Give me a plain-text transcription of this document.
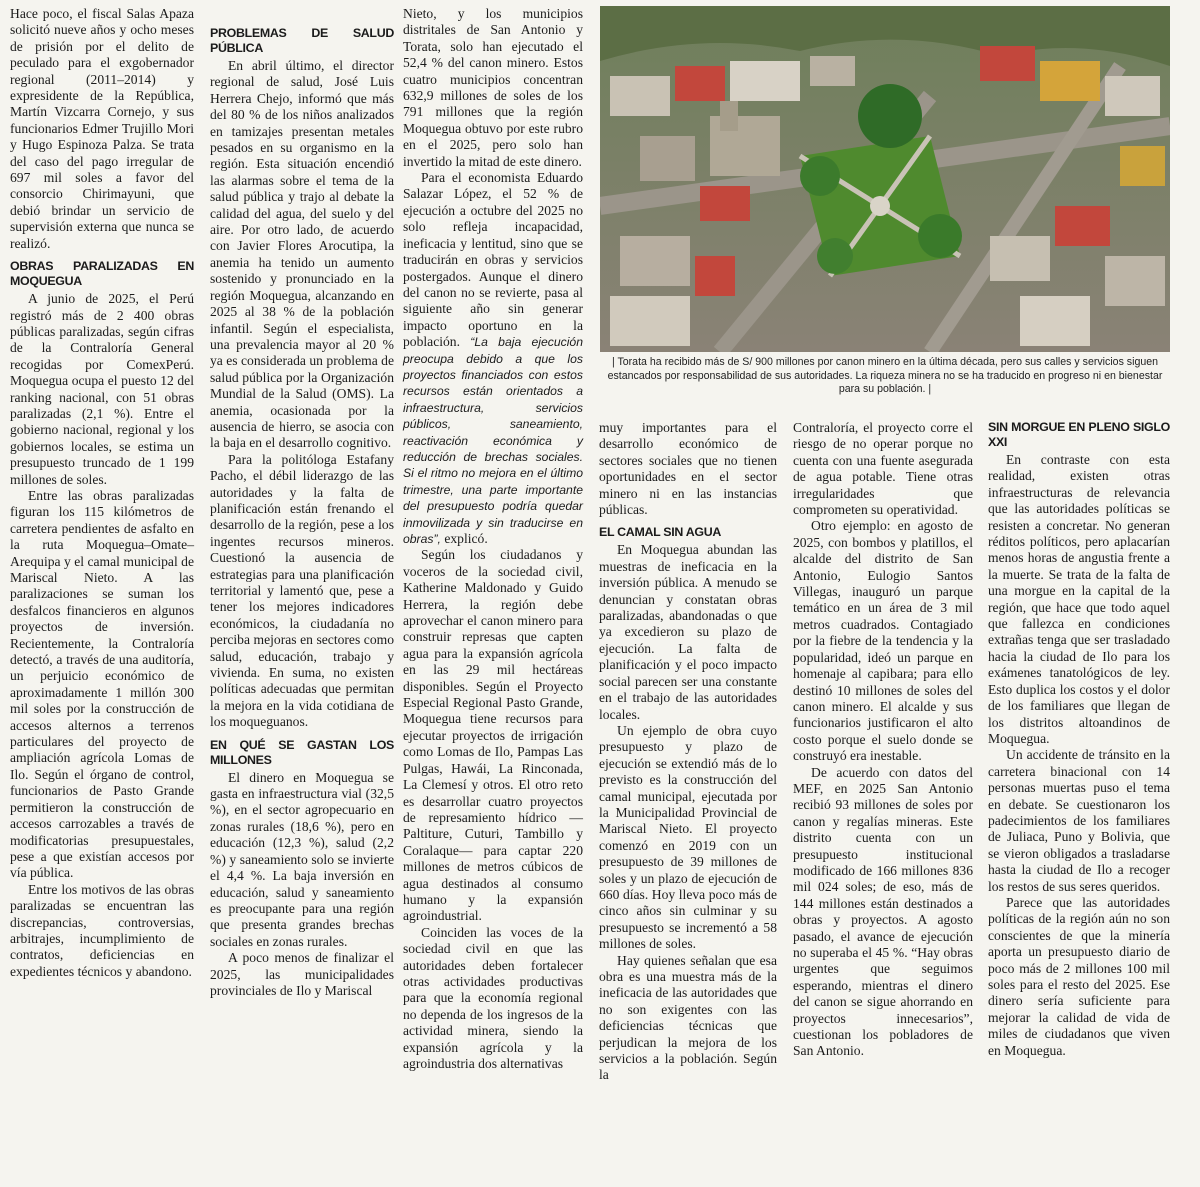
Hace poco, el fiscal Salas Apaza solicitó nueve años y ocho meses de prisión por el delito de peculado para el exgobernador regional (2011–2014) y expresidente de la República, Martín Vizcarra Cornejo, y sus funcionarios Edmer Trujillo Mori y Hugo Espinoza Palza. Se trata del caso del pago irregular de 697 mil soles a favor del consorcio Chirimayuni, que debió brindar un servicio de supervisión externa que nunca se realizó.

OBRAS PARALIZADAS EN MOQUEGUA

A junio de 2025, el Perú registró más de 2 400 obras públicas paralizadas, según cifras de la Contraloría General recogidas por ComexPerú. Moquegua ocupa el puesto 12 del ranking nacional, con 51 obras paralizadas (2,1 %). Entre el gobierno nacional, regional y los gobiernos locales, se estima un presupuesto truncado de 1 199 millones de soles.

Entre las obras paralizadas figuran los 115 kilómetros de carretera pendientes de asfalto en la ruta Moquegua–Omate–Arequipa y el camal municipal de Mariscal Nieto. A las paralizaciones se suman los desfalcos financieros en algunos proyectos de inversión. Recientemente, la Contraloría detectó, a través de una auditoría, un perjuicio económico de aproximadamente 1 millón 300 mil soles por la construcción de accesos alternos a terrenos particulares del proyecto de ampliación agrícola Lomas de Ilo. Según el órgano de control, funcionarios de Pasto Grande permitieron la construcción de accesos carrozables a través de modificatorias presupuestales, pese a que existían accesos por vía pública.

Entre los motivos de las obras paralizadas se encuentran las discrepancias, controversias, arbitrajes, incumplimiento de contratos, deficiencias en expedientes técnicos y abandono.

PROBLEMAS DE SALUD PÚBLICA

En abril último, el director regional de salud, José Luis Herrera Chejo, informó que más del 80 % de los niños analizados en tamizajes presentan metales pesados en su organismo en la región. Esta situación encendió las alarmas sobre el tema de la salud pública y trajo al debate la calidad del agua, del suelo y del aire. Por otro lado, de acuerdo con Javier Flores Arocutipa, la anemia ha tenido un aumento sostenido y pronunciado en la región Moquegua, alcanzando en 2025 al 38 % de la población infantil. Según el especialista, una prevalencia mayor al 20 % ya es considerada un problema de salud pública por la Organización Mundial de la Salud (OMS). La anemia, ocasionada por la ausencia de hierro, se asocia con la baja en el desarrollo cognitivo.

Para la politóloga Estafany Pacho, el débil liderazgo de las autoridades y la falta de planificación están frenando el desarrollo de la región, pese a los ingentes recursos mineros. Cuestionó la ausencia de estrategias para una planificación territorial y lamentó que, pese a tener los mejores indicadores económicos, la ciudadanía no perciba mejoras en sectores como salud, educación, trabajo y vivienda. En suma, no existen políticas adecuadas que permitan la mejora en la vida cotidiana de los moqueguanos.

EN QUÉ SE GASTAN LOS MILLONES

El dinero en Moquegua se gasta en infraestructura vial (32,5 %), en el sector agropecuario en zonas rurales (18,6 %), pero en educación (12,3 %), salud (2,2 %) y saneamiento solo se invierte el 4,4 %. La baja inversión en educación, salud y saneamiento es preocupante para una región que presenta grandes brechas sociales en zonas rurales.

A poco menos de finalizar el 2025, las municipalidades provinciales de Ilo y Mariscal

Nieto, y los municipios distritales de San Antonio y Torata, solo han ejecutado el 52,4 % del canon minero. Estos cuatro municipios concentran 632,9 millones de soles de los 791 millones que la región Moquegua obtuvo por este rubro en el 2025, pero solo han invertido la mitad de este dinero.

Para el economista Eduardo Salazar López, el 52 % de ejecución a octubre del 2025 no solo refleja incapacidad, ineficacia y lentitud, sino que se traducirán en obras y servicios postergados. Aunque el dinero del canon no se revierte, pasa al siguiente año sin generar impacto oportuno en la población. “La baja ejecución preocupa debido a que los proyectos financiados con estos recursos están orientados a infraestructura, servicios públicos, saneamiento, reactivación económica y reducción de brechas sociales. Si el ritmo no mejora en el último trimestre, una parte importante del presupuesto podría quedar inmovilizada y sin traducirse en obras”, explicó.

Según los ciudadanos y voceros de la sociedad civil, Katherine Maldonado y Guido Herrera, la región debe aprovechar el canon minero para construir represas que capten agua para la expansión agrícola en las 29 mil hectáreas disponibles. Según el Proyecto Especial Regional Pasto Grande, Moquegua tiene recursos para ejecutar proyectos de irrigación como Lomas de Ilo, Pampas Las Pulgas, Hawái, La Rinconada, La Clemesí y otros. El otro reto es desarrollar cuatro proyectos de represamiento hídrico —Paltiture, Cuturi, Tambillo y Coralaque— para captar 220 millones de metros cúbicos de agua destinados al consumo humano y la expansión agroindustrial.

Coinciden las voces de la sociedad civil en que las autoridades deben fortalecer otras actividades productivas para que la economía regional no dependa de los ingresos de la actividad minera, siendo la expansión agrícola y la agroindustria dos alternativas

| Torata ha recibido más de S/ 900 millones por canon minero en la última década, pero sus calles y servicios siguen estancados por responsabilidad de sus autoridades. La riqueza minera no se ha traducido en progreso ni en bienestar para su población. |

muy importantes para el desarrollo económico de sectores sociales que no tienen oportunidades en el sector minero ni en las instancias públicas.

EL CAMAL SIN AGUA

En Moquegua abundan las muestras de ineficacia en la inversión pública. A menudo se denuncian y constatan obras paralizadas, abandonadas o que ya excedieron su plazo de ejecución. La falta de planificación y el poco impacto social parecen ser una constante en el trabajo de las autoridades locales.

Un ejemplo de obra cuyo presupuesto y plazo de ejecución se extendió más de lo previsto es la construcción del camal municipal, ejecutada por la Municipalidad Provincial de Mariscal Nieto. El proyecto comenzó en 2019 con un presupuesto de 39 millones de soles y un plazo de ejecución de 660 días. Hoy lleva poco más de cinco años sin culminar y su presupuesto se incrementó a 58 millones de soles.

Hay quienes señalan que esa obra es una muestra más de la ineficacia de las autoridades que no son exigentes con las deficiencias técnicas que perjudican la mejora de los servicios a la población. Según la

Contraloría, el proyecto corre el riesgo de no operar porque no cuenta con una fuente asegurada de agua potable. Tiene otras irregularidades que comprometen su operatividad.

Otro ejemplo: en agosto de 2025, con bombos y platillos, el alcalde del distrito de San Antonio, Eulogio Santos Villegas, inauguró un parque temático en un área de 3 mil metros cuadrados. Contagiado por la fiebre de la tendencia y la popularidad, ideó un parque en homenaje al capibara; para ello destinó 10 millones de soles del canon minero. El alcalde y sus funcionarios justificaron el alto costo porque el suelo donde se construyó era inestable.

De acuerdo con datos del MEF, en 2025 San Antonio recibió 93 millones de soles por canon y regalías mineras. Este distrito cuenta con un presupuesto institucional modificado de 166 millones 836 mil 024 soles; de eso, más de 144 millones están destinados a obras y proyectos. A agosto pasado, el avance de ejecución no superaba el 45 %. “Hay obras urgentes que seguimos esperando, mientras el dinero del canon se sigue ahorrando en proyectos innecesarios”, cuestionan los pobladores de San Antonio.

SIN MORGUE EN PLENO SIGLO XXI

En contraste con esta realidad, existen otras infraestructuras de relevancia que las autoridades políticas se resisten a concretar. No generan réditos políticos, pero aplacarían menos horas de angustia frente a la muerte. Se trata de la falta de una morgue en la capital de la región, que hace que todo aquel que fallezca en condiciones extrañas tenga que ser trasladado hacia la ciudad de Ilo para los exámenes tanatológicos de ley. Esto duplica los costos y el dolor de los familiares que llegan de los distritos altoandinos de Moquegua.

Un accidente de tránsito en la carretera binacional con 14 personas muertas puso el tema en debate. Se cuestionaron los padecimientos de los familiares de Juliaca, Puno y Bolivia, que se vieron obligados a trasladarse hasta la ciudad de Ilo a recoger los restos de sus seres queridos.

Parece que las autoridades políticas de la región aún no son conscientes de que la minería aporta un presupuesto diario de poco más de 2 millones 100 mil soles para el resto del 2025. Ese dinero sería suficiente para mejorar la calidad de vida de miles de ciudadanos que viven en Moquegua.
